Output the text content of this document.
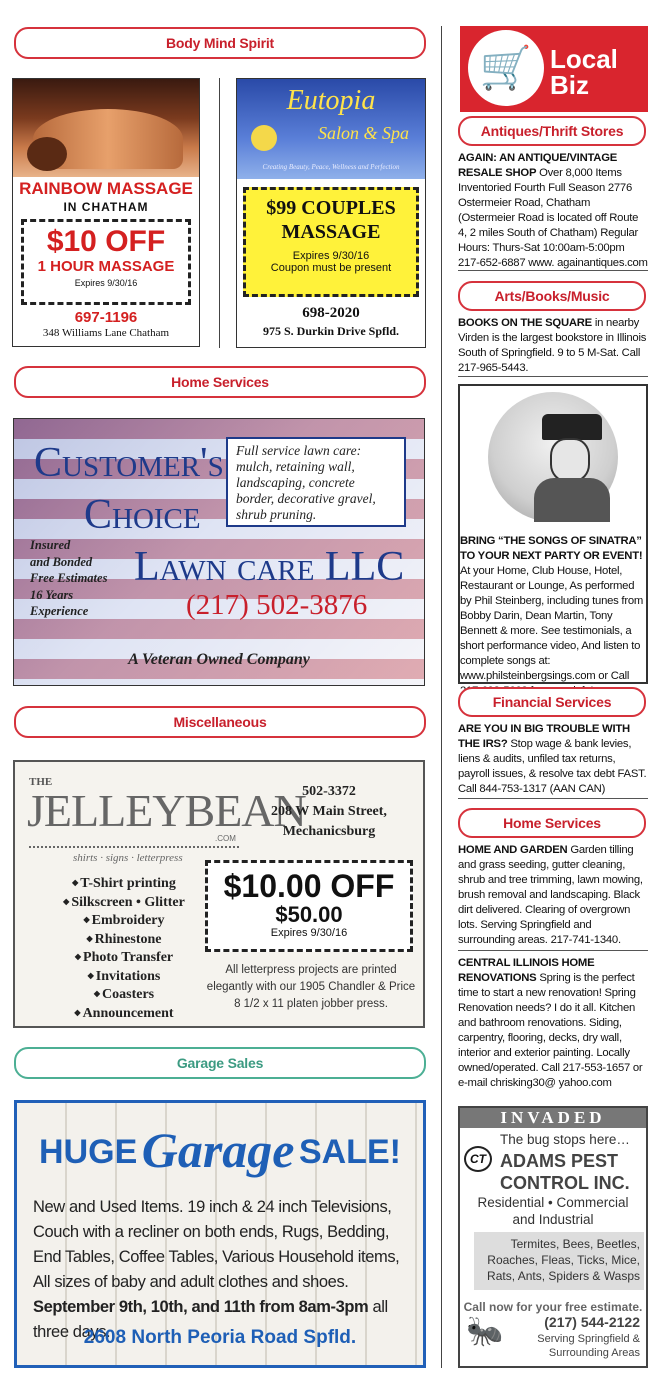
Body Mind Spirit
RAINBOW MASSAGE
IN CHATHAM
$10 OFF
1 HOUR MASSAGE
Expires 9/30/16
697-1196
348 Williams Lane Chatham
Eutopia
Salon & Spa
Creating Beauty, Peace, Wellness and Perfection
$99 COUPLES
MASSAGE
Expires 9/30/16
Coupon must be present
698-2020
975 S. Durkin Drive Spfld.
Home Services
Customer's
Choice
Lawn care LLC
Full service lawn care: mulch, retaining wall, landscaping, concrete border, decorative gravel, shrub pruning.
Insured
and Bonded
Free Estimates
16 Years
Experience	(217) 502-3876
A Veteran Owned Company
Miscellaneous
THE
JELLEYBEAN
.COM
shirts · signs · letterpress
502-3372
208 W Main Street,
Mechanicsburg
◆ T-Shirt printing
◆ Silkscreen • Glitter
◆ Embroidery
◆ Rhinestone
◆ Photo Transfer
◆ Invitations
◆ Coasters
◆ Announcement
$10.00 OFF
$50.00
Expires 9/30/16
All letterpress projects are printed elegantly with our 1905 Chandler & Price 8 1/2 x 11 platen jobber press.
Garage Sales
HUGE Garage SALE!
New and Used Items. 19 inch & 24 inch Televisions, Couch with a recliner on both ends, Rugs, Bedding, End Tables, Coffee Tables, Various Household items, All sizes of baby and adult clothes and shoes. September 9th, 10th, and 11th from 8am-3pm all three days.
2608 North Peoria Road Spfld.
🛒 Local
Biz
Antiques/Thrift Stores
AGAIN: AN ANTIQUE/VINTAGE RESALE SHOP Over 8,000 Items Inventoried Fourth Full Season 2776 Ostermeier Road, Chatham (Ostermeier Road is located off Route 4, 2 miles South of Chatham) Regular Hours: Thurs-Sat 10:00am-5:00pm 217-652-6887 www. againantiques.com
Arts/Books/Music
BOOKS ON THE SQUARE in nearby Virden is the largest bookstore in Illinois South of Springfield. 9 to 5 M-Sat. Call 217-965-5443.
BRING “THE SONGS OF SINATRA” TO YOUR NEXT PARTY OR EVENT! At your Home, Club House, Hotel, Restaurant or Lounge, As performed by Phil Steinberg, including tunes from Bobby Darin, Dean Martin, Tony Bennett & more. See testimonials, a short performance video, And listen to complete songs at: www.philsteinbergsings.com or Call
Financial Services
ARE YOU IN BIG TROUBLE WITH THE IRS? Stop wage & bank levies, liens & audits, unfiled tax returns, payroll issues, & resolve tax debt FAST. Call 844-753-1317 (AAN CAN)
Home Services
HOME AND GARDEN Garden tilling and grass seeding, gutter cleaning, shrub and tree trimming, lawn mowing, brush removal and landscaping. Black dirt delivered. Clearing of overgrown lots. Serving Springfield and surrounding areas. 217-741-1340.
CENTRAL ILLINOIS HOME RENOVATIONS Spring is the perfect time to start a new renovation! Spring Renovation needs? I do it all. Kitchen and bathroom renovations. Siding, carpentry, flooring, decks, dry wall, interior and exterior painting. Locally owned/operated. Call 217-553-1657 or e-mail chrisking30@ yahoo.com
INVADED
CT
The bug stops here…
ADAMS PEST
CONTROL INC.
Residential • Commercial
and Industrial
Termites, Bees, Beetles, Roaches, Fleas, Ticks, Mice, Rats, Ants, Spiders & Wasps
Call now for your free estimate.
🐜	(217) 544-2122
Serving Springfield & Surrounding Areas
